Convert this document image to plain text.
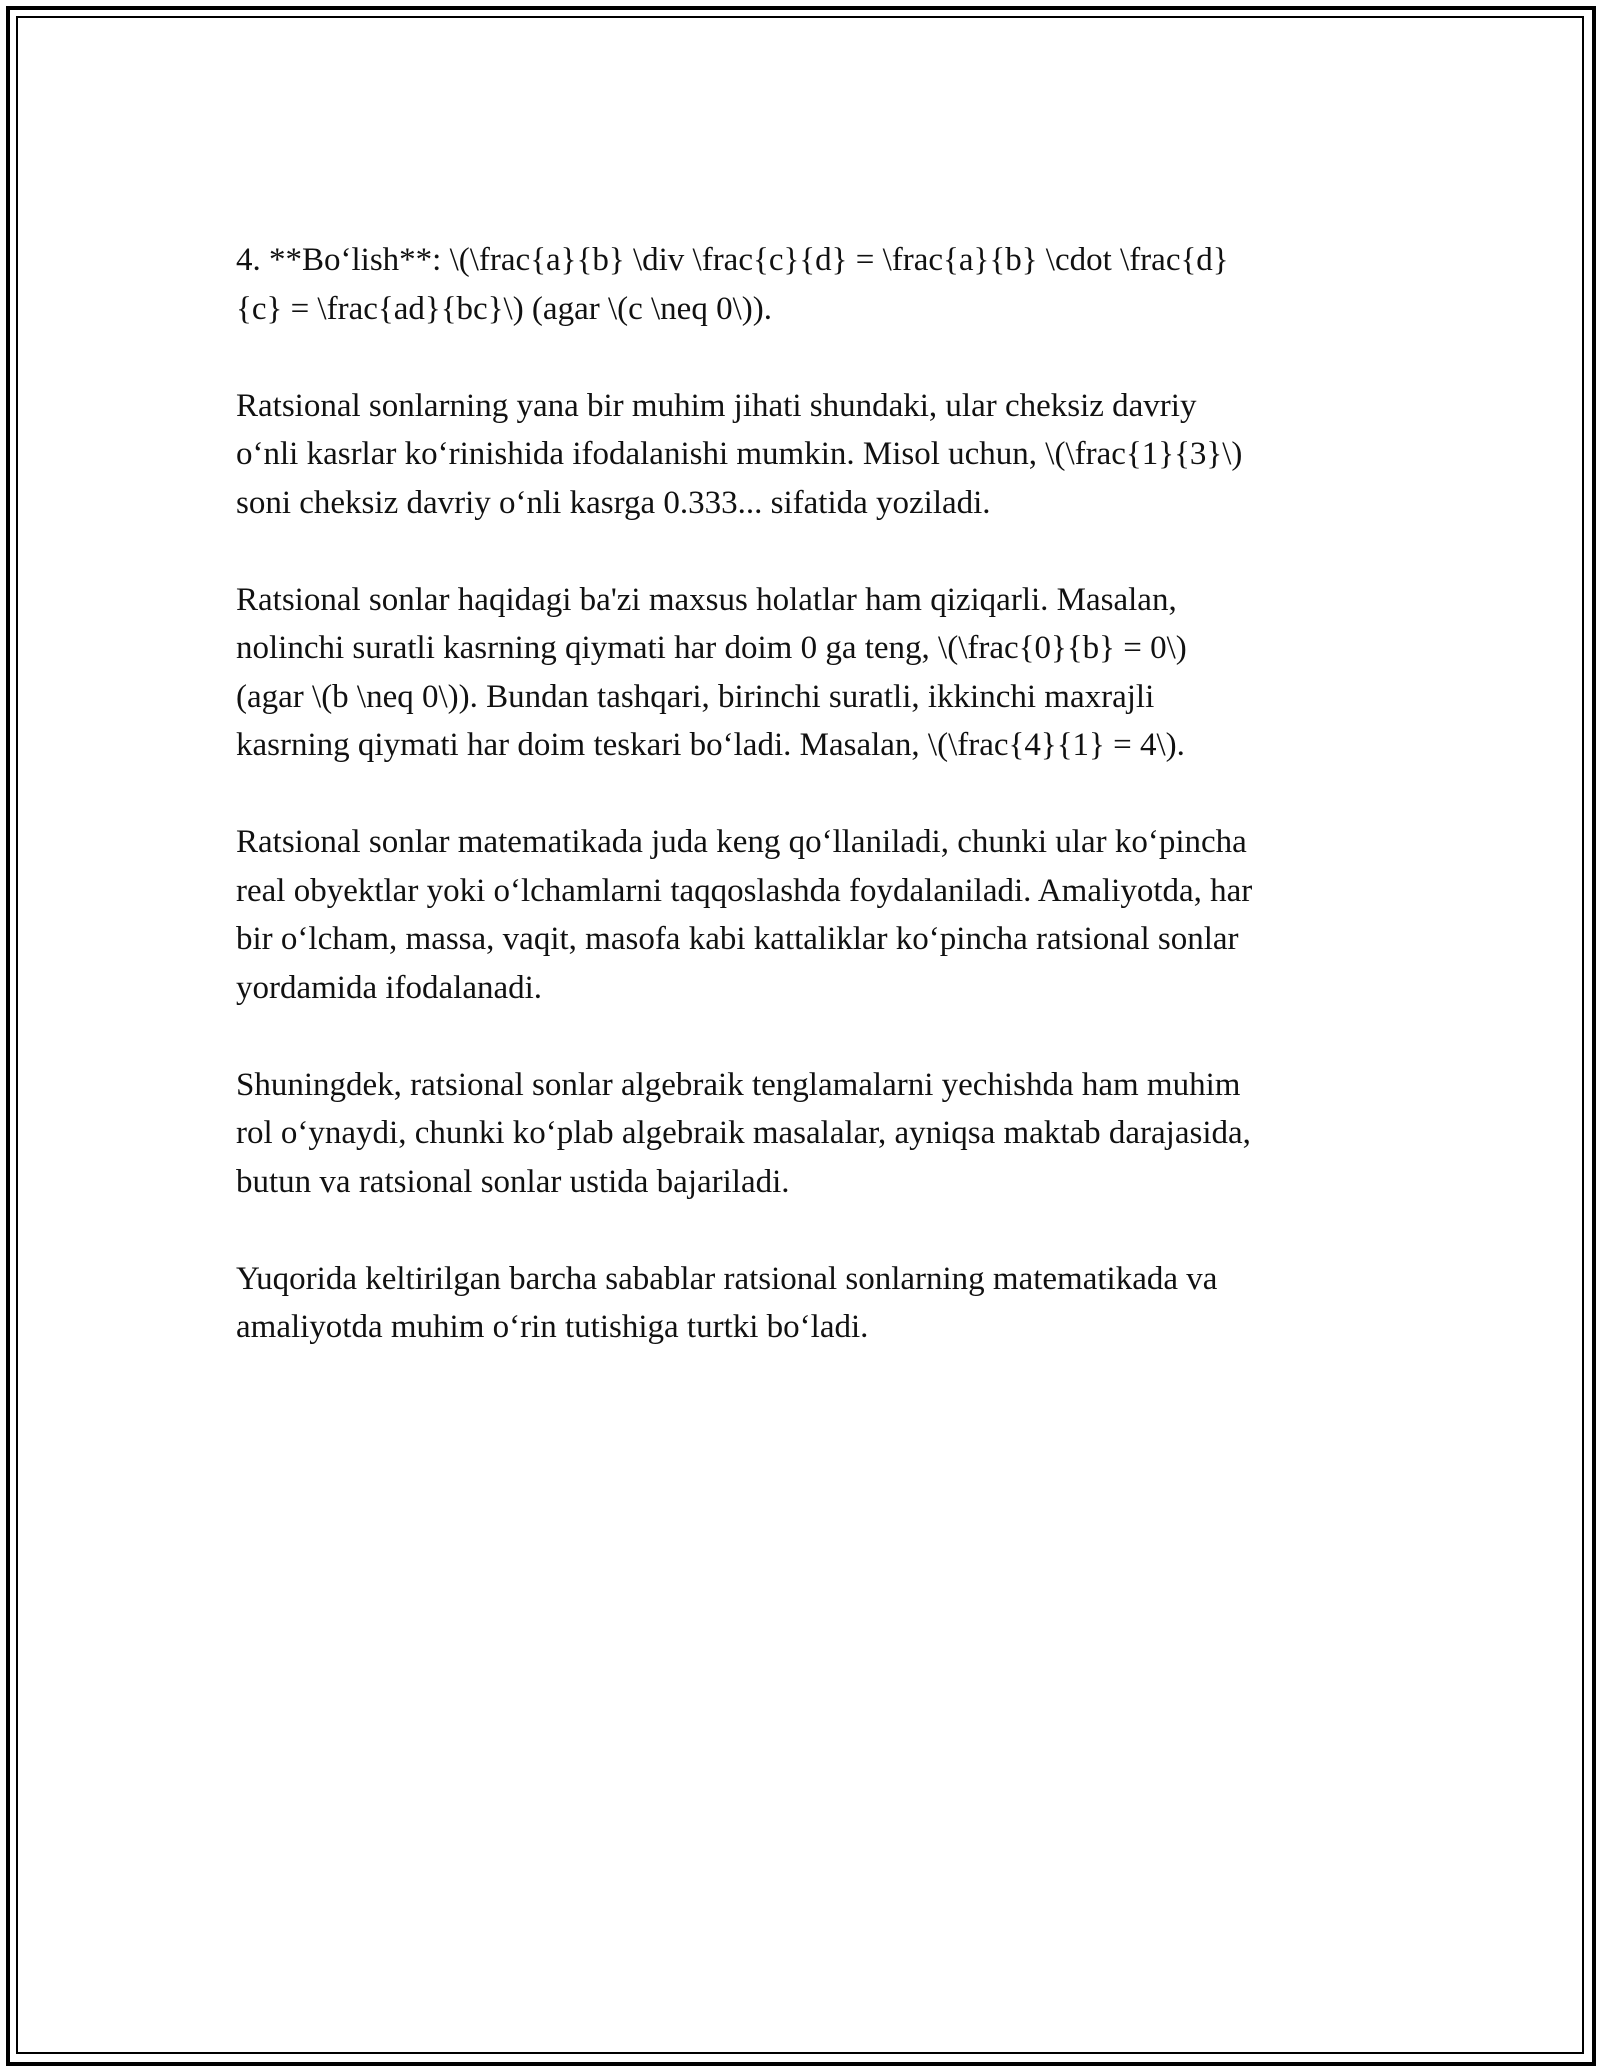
4. **Bo‘lish**: \(\frac{a}{b} \div \frac{c}{d} = \frac{a}{b} \cdot \frac{d}
{c} = \frac{ad}{bc}\) (agar \(c \neq 0\)).

Ratsional sonlarning yana bir muhim jihati shundaki, ular cheksiz davriy
o‘nli kasrlar ko‘rinishida ifodalanishi mumkin. Misol uchun, \(\frac{1}{3}\)
soni cheksiz davriy o‘nli kasrga 0.333... sifatida yoziladi.

Ratsional sonlar haqidagi ba'zi maxsus holatlar ham qiziqarli. Masalan,
nolinchi suratli kasrning qiymati har doim 0 ga teng, \(\frac{0}{b} = 0\)
(agar \(b \neq 0\)). Bundan tashqari, birinchi suratli, ikkinchi maxrajli
kasrning qiymati har doim teskari bo‘ladi. Masalan, \(\frac{4}{1} = 4\).

Ratsional sonlar matematikada juda keng qo‘llaniladi, chunki ular ko‘pincha
real obyektlar yoki o‘lchamlarni taqqoslashda foydalaniladi. Amaliyotda, har
bir o‘lcham, massa, vaqit, masofa kabi kattaliklar ko‘pincha ratsional sonlar
yordamida ifodalanadi.

Shuningdek, ratsional sonlar algebraik tenglamalarni yechishda ham muhim
rol o‘ynaydi, chunki ko‘plab algebraik masalalar, ayniqsa maktab darajasida,
butun va ratsional sonlar ustida bajariladi.

Yuqorida keltirilgan barcha sabablar ratsional sonlarning matematikada va
amaliyotda muhim o‘rin tutishiga turtki bo‘ladi.
